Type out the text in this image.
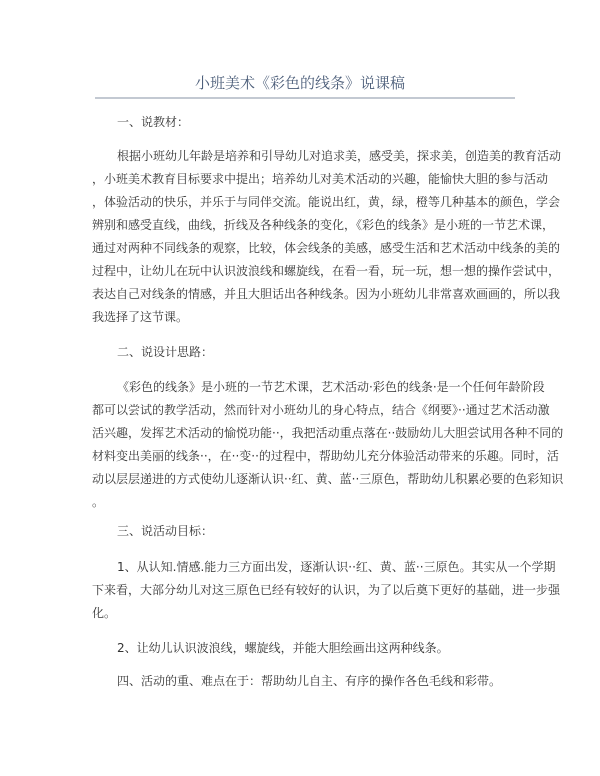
小班美术《彩色的线条》说课稿
一、说教材：
根据小班幼儿年龄是培养和引导幼儿对追求美，感受美，探求美，创造美的教育活动
，小班美术教育目标要求中提出；培养幼儿对美术活动的兴趣，能愉快大胆的参与活动
，体验活动的快乐，并乐于与同伴交流。能说出红，黄，绿，橙等几种基本的颜色，学会
辨别和感受直线，曲线，折线及各种线条的变化，《彩色的线条》是小班的一节艺术课，
通过对两种不同线条的观察，比较，体会线条的美感，感受生活和艺术活动中线条的美的
过程中，让幼儿在玩中认识波浪线和螺旋线，在看一看，玩一玩，想一想的操作尝试中，
表达自己对线条的情感，并且大胆话出各种线条。因为小班幼儿非常喜欢画画的，所以我
我选择了这节课。
二、说设计思路：
《彩色的线条》是小班的一节艺术课，艺术活动·彩色的线条·是一个任何年龄阶段
都可以尝试的教学活动，然而针对小班幼儿的身心特点，结合《纲要》··通过艺术活动激
活兴趣，发挥艺术活动的愉悦功能··，我把活动重点落在··鼓励幼儿大胆尝试用各种不同的
材料变出美丽的线条··，在··变··的过程中，帮助幼儿充分体验活动带来的乐趣。同时，活
动以层层递进的方式使幼儿逐渐认识··红、黄、蓝··三原色，帮助幼儿积累必要的色彩知识
。
三、说活动目标：
1、从认知.情感.能力三方面出发，逐渐认识··红、黄、蓝··三原色。其实从一个学期
下来看，大部分幼儿对这三原色已经有较好的认识，为了以后奠下更好的基础，进一步强
化。
2、让幼儿认识波浪线，螺旋线，并能大胆绘画出这两种线条。
四、活动的重、难点在于：帮助幼儿自主、有序的操作各色毛线和彩带。
